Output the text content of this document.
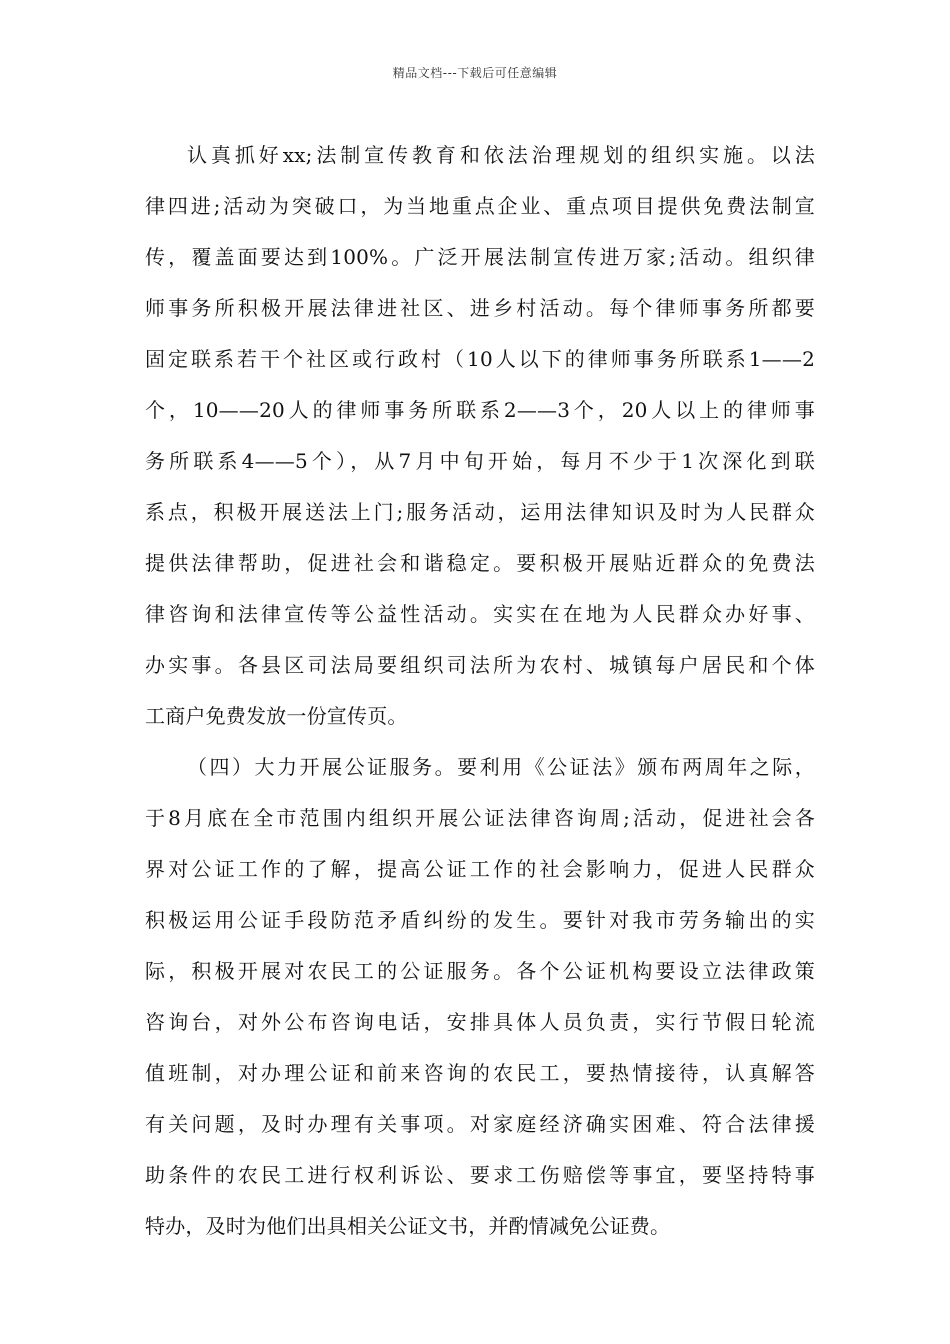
精品文档---下载后可任意编辑
认真抓好xx;法制宣传教育和依法治理规划的组织实施。以法
律四进;活动为突破口，为当地重点企业、重点项目提供免费法制宣
传，覆盖面要达到100%。广泛开展法制宣传进万家;活动。组织律
师事务所积极开展法律进社区、进乡村活动。每个律师事务所都要
固定联系若干个社区或行政村（10人以下的律师事务所联系1——2
个，10——20人的律师事务所联系2——3个，20人以上的律师事
务所联系4——5个），从7月中旬开始，每月不少于1次深化到联
系点，积极开展送法上门;服务活动，运用法律知识及时为人民群众
提供法律帮助，促进社会和谐稳定。要积极开展贴近群众的免费法
律咨询和法律宣传等公益性活动。实实在在地为人民群众办好事、
办实事。各县区司法局要组织司法所为农村、城镇每户居民和个体
工商户免费发放一份宣传页。
（四）大力开展公证服务。要利用《公证法》颁布两周年之际，
于8月底在全市范围内组织开展公证法律咨询周;活动，促进社会各
界对公证工作的了解，提高公证工作的社会影响力，促进人民群众
积极运用公证手段防范矛盾纠纷的发生。要针对我市劳务输出的实
际，积极开展对农民工的公证服务。各个公证机构要设立法律政策
咨询台，对外公布咨询电话，安排具体人员负责，实行节假日轮流
值班制，对办理公证和前来咨询的农民工，要热情接待，认真解答
有关问题，及时办理有关事项。对家庭经济确实困难、符合法律援
助条件的农民工进行权利诉讼、要求工伤赔偿等事宜，要坚持特事
特办，及时为他们出具相关公证文书，并酌情减免公证费。
